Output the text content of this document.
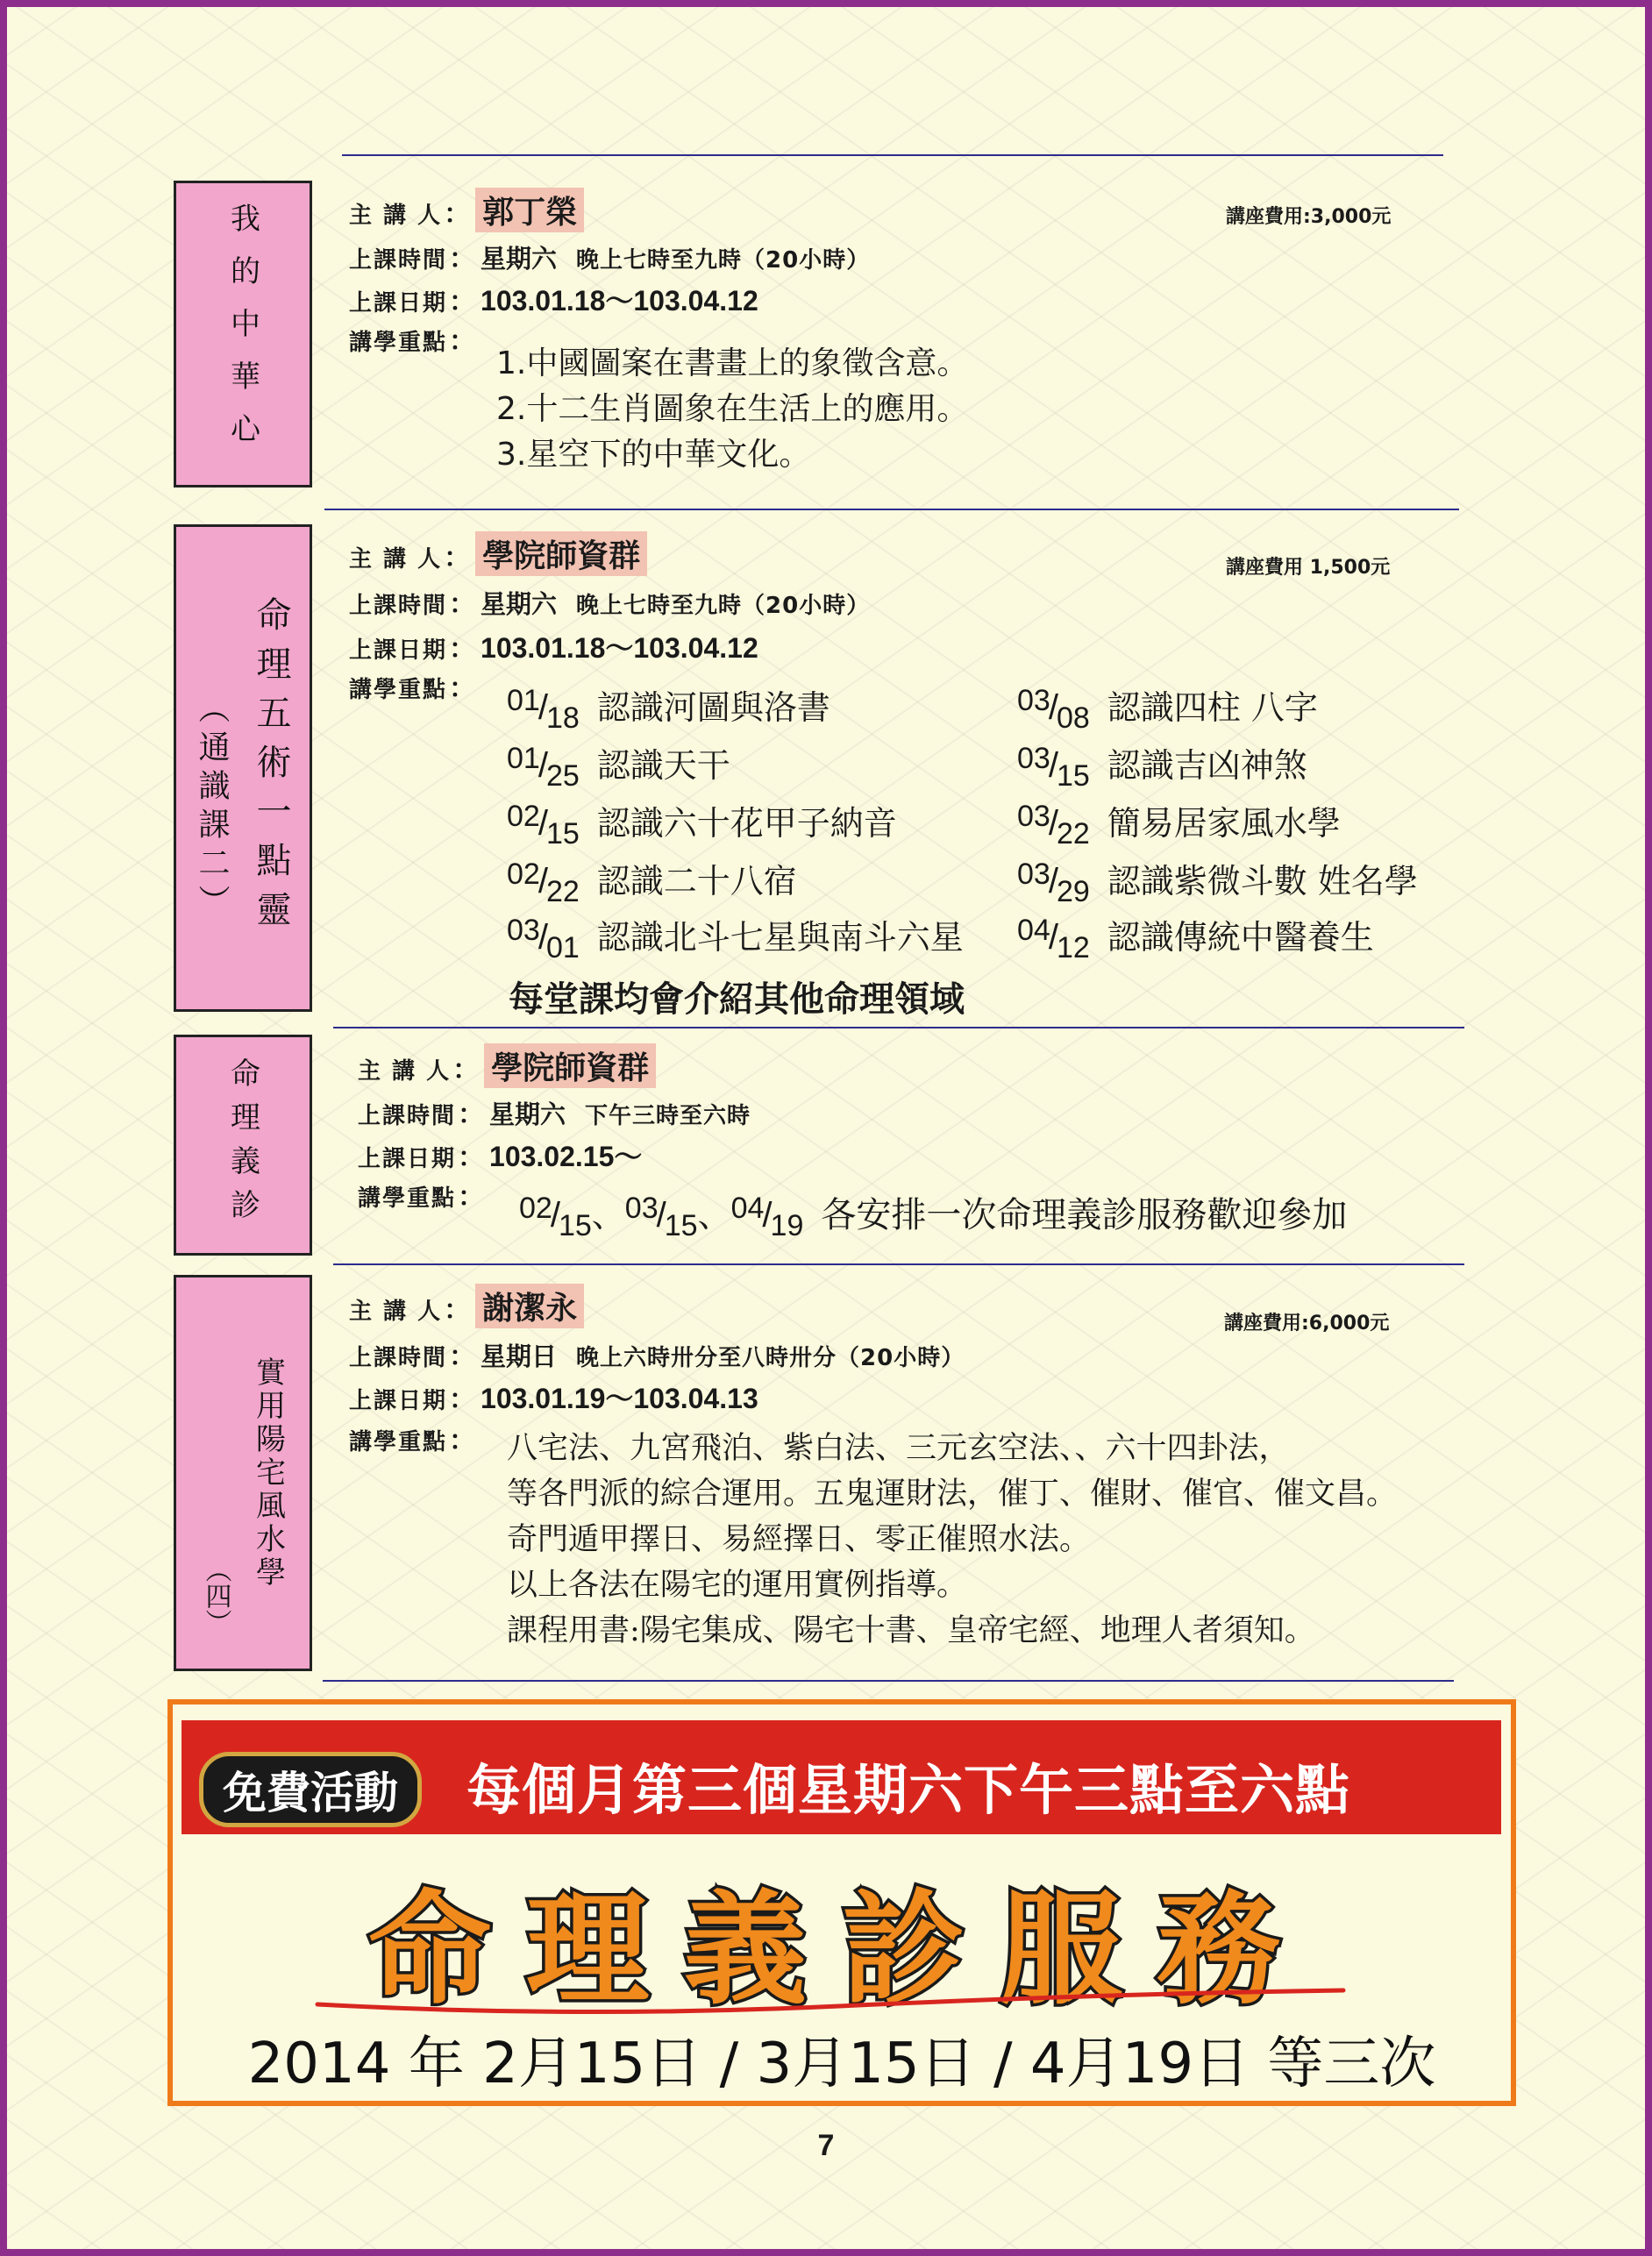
我的中華心	主 講 人 ： 郭丁榮	講座費用:3,000元
上課時間 ： 星期六 晚上七時至九時（20小時）
上課日期 ： 103.01.18～103.04.12
講學重點 ：
1.中國圖案在書畫上的象徵含意。
2.十二生肖圖象在生活上的應用。
3.星空下的中華文化。
命理五術一點靈
︵通識課二︶
主 講 人 ： 學院師資群	講座費用 1,500元
上課時間 ： 星期六 晚上七時至九時（20小時）
上課日期 ： 103.01.18～103.04.12
講學重點 ： 01/18 認識河圖與洛書
01/25 認識天干
02/15 認識六十花甲子納音
02/22 認識二十八宿
03/01 認識北斗七星與南斗六星
03/08 認識四柱 八字
03/15 認識吉凶神煞
03/22 簡易居家風水學
03/29 認識紫微斗數 姓名學
04/12 認識傳統中醫養生
每堂課均會介紹其他命理領域
命理義診	主 講 人 ： 學院師資群
上課時間 ： 星期六 下午三時至六時
上課日期 ： 103.02.15～
講學重點 ： 02/15、03/15、04/19 各安排一次命理義診服務歡迎參加
實用陽宅風水學
︵四︶
主 講 人 ： 謝潔永	講座費用:6,000元
上課時間 ： 星期日 晚上六時卅分至八時卅分（20小時）
上課日期 ： 103.01.19～103.04.13
講學重點 ： 八宅法、九宮飛泊、紫白法、三元玄空法、、六十四卦法，
等各門派的綜合運用。五鬼運財法，催丁、催財、催官、催文昌。
奇門遁甲擇日、易經擇日、零正催照水法。
以上各法在陽宅的運用實例指導。
課程用書:陽宅集成、陽宅十書、皇帝宅經、地理人者須知。
免費活動	每個月第三個星期六下午三點至六點
命理義診服務
2014 年 2月15日 / 3月15日 / 4月19日 等三次
7
